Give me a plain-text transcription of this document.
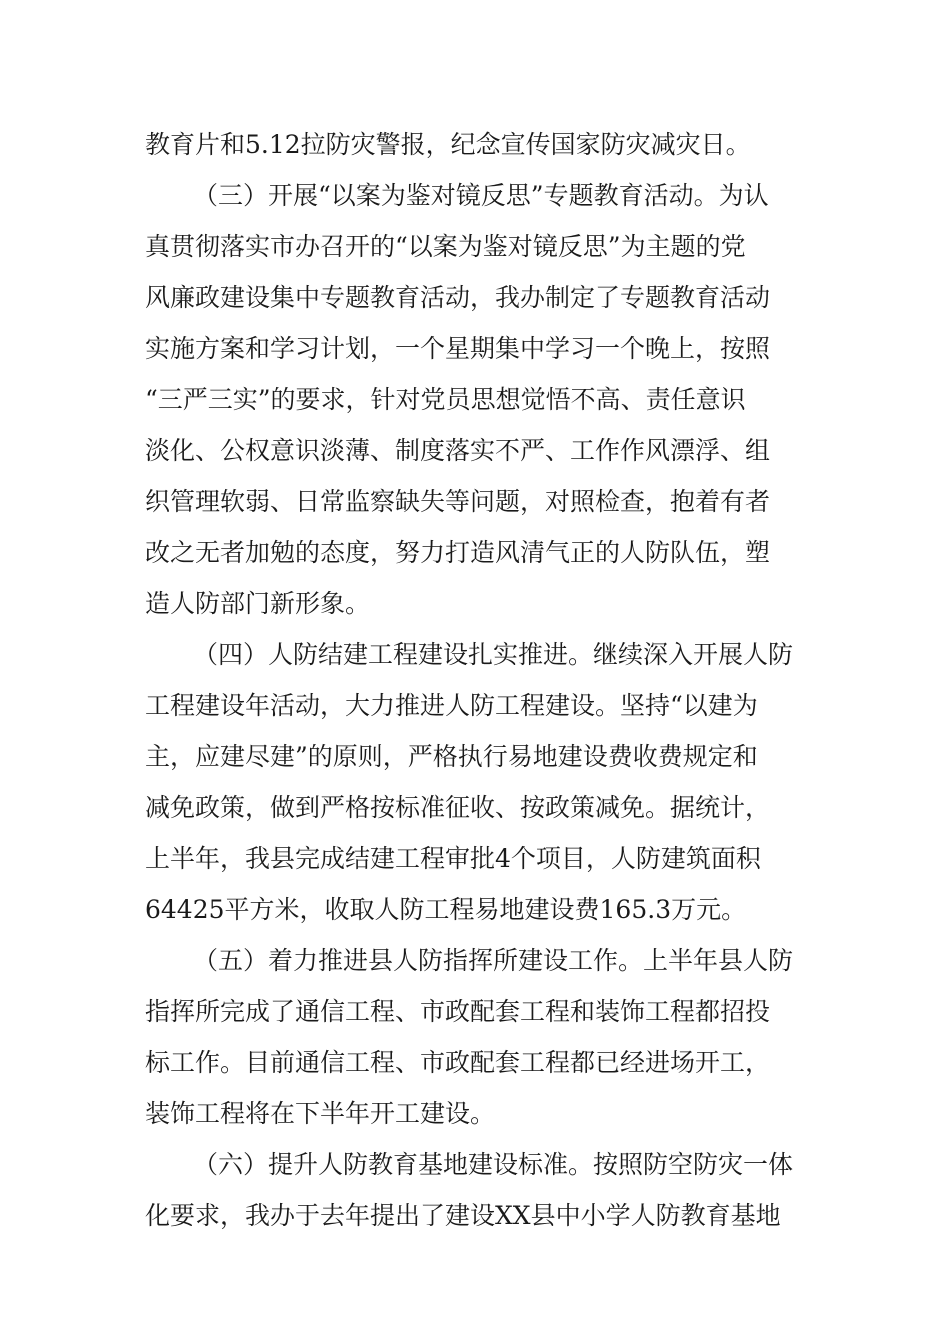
教育片和5.12拉防灾警报，纪念宣传国家防灾减灾日。
（三）开展“以案为鉴对镜反思”专题教育活动。为认
真贯彻落实市办召开的“以案为鉴对镜反思”为主题的党
风廉政建设集中专题教育活动，我办制定了专题教育活动
实施方案和学习计划，一个星期集中学习一个晚上，按照
“三严三实”的要求，针对党员思想觉悟不高、责任意识
淡化、公权意识淡薄、制度落实不严、工作作风漂浮、组
织管理软弱、日常监察缺失等问题，对照检查，抱着有者
改之无者加勉的态度，努力打造风清气正的人防队伍，塑
造人防部门新形象。
（四）人防结建工程建设扎实推进。继续深入开展人防
工程建设年活动，大力推进人防工程建设。坚持“以建为
主，应建尽建”的原则，严格执行易地建设费收费规定和
减免政策，做到严格按标准征收、按政策减免。据统计，
上半年，我县完成结建工程审批4个项目，人防建筑面积
64425平方米，收取人防工程易地建设费165.3万元。
（五）着力推进县人防指挥所建设工作。上半年县人防
指挥所完成了通信工程、市政配套工程和装饰工程都招投
标工作。目前通信工程、市政配套工程都已经进场开工，
装饰工程将在下半年开工建设。
（六）提升人防教育基地建设标准。按照防空防灾一体
化要求，我办于去年提出了建设XX县中小学人防教育基地
